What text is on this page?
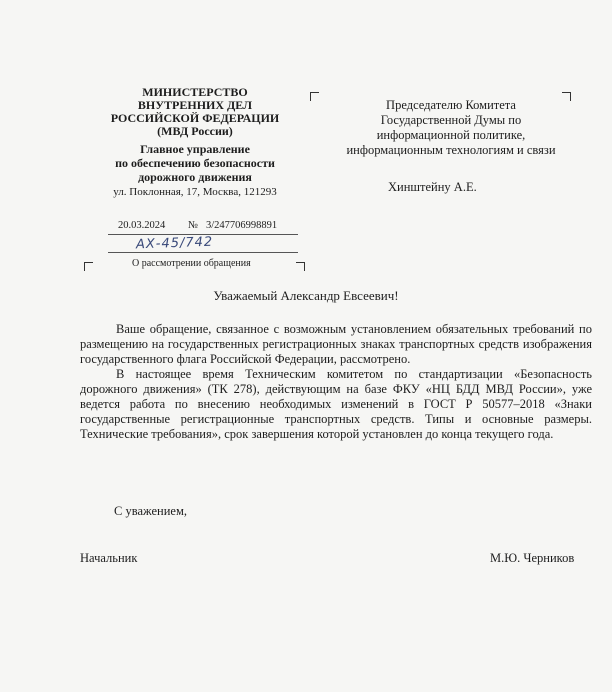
МИНИСТЕРСТВО
ВНУТРЕННИХ ДЕЛ
РОССИЙСКОЙ ФЕДЕРАЦИИ
(МВД России)
Главное управление
по обеспечению безопасности
дорожного движения
ул. Поклонная, 17, Москва, 121293
20.03.2024 № 3/247706998891
АХ-45/742
О рассмотрении обращения
Председателю Комитета
Государственной Думы по
информационной политике,
информационным технологиям и связи
Хинштейну А.Е.
Уважаемый Александр Евсеевич!

Ваше обращение, связанное с возможным установлением обязательных требований по размещению на государственных регистрационных знаках транспортных средств изображения государственного флага Российской Федерации, рассмотрено.

В настоящее время Техническим комитетом по стандартизации «Безопасность дорожного движения» (ТК 278), действующим на базе ФКУ «НЦ БДД МВД России», уже ведется работа по внесению необходимых изменений в ГОСТ Р 50577–2018 «Знаки государственные регистрационные транспортных средств. Типы и основные размеры. Технические требования», срок завершения которой установлен до конца текущего года.

С уважением,
Начальник	М.Ю. Черников
